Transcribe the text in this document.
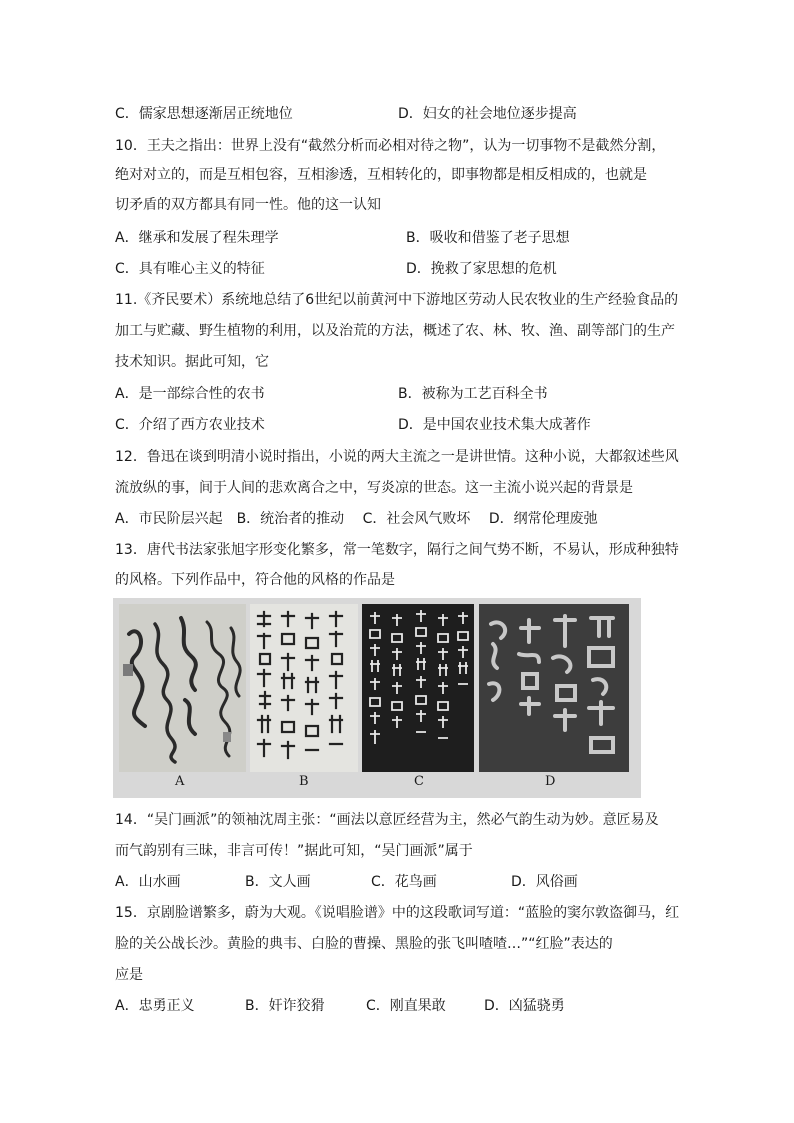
C．儒家思想逐渐居正统地位	D．妇女的社会地位逐步提高
10．王夫之指出：世界上没有“截然分析而必相对待之物”，认为一切事物不是截然分割，
绝对对立的，而是互相包容，互相渗透，互相转化的，即事物都是相反相成的，也就是
切矛盾的双方都具有同一性。他的这一认知
A．继承和发展了程朱理学	B．吸收和借鉴了老子思想
C．具有唯心主义的特征	D．挽救了家思想的危机
11.《齐民要术）系统地总结了6世纪以前黄河中下游地区劳动人民农牧业的生产经验食品的
加工与贮藏、野生植物的利用，以及治荒的方法，概述了农、林、牧、渔、副等部门的生产
技术知识。据此可知，它
A．是一部综合性的农书	B．被称为工艺百科全书
C．介绍了西方农业技术	D．是中国农业技术集大成著作
12．鲁迅在谈到明清小说时指出，小说的两大主流之一是讲世情。这种小说，大都叙述些风
流放纵的事，间于人间的悲欢离合之中，写炎凉的世态。这一主流小说兴起的背景是
A．市民阶层兴起　B．统治者的推动　 C．社会风气败坏　 D．纲常伦理废弛
13．唐代书法家张旭字形变化繁多，常一笔数字，隔行之间气势不断，不易认，形成种独特
的风格。下列作品中，符合他的风格的作品是
A	B	C	D
14．“吴门画派”的领袖沈周主张：“画法以意匠经营为主，然必气韵生动为妙。意匠易及
而气韵别有三昧，非言可传！”据此可知，“吴门画派”属于
A．山水画	B．文人画	C．花鸟画	D．风俗画
15．京剧脸谱繁多，蔚为大观。《说唱脸谱》中的这段歌词写道：“蓝脸的窦尔敦盗御马，红
脸的关公战长沙。黄脸的典韦、白脸的曹操、黑脸的张飞叫喳喳…”“红脸”表达的
应是
A．忠勇正义	B．奸诈狡猾	C．刚直果敢	D．凶猛骁勇
